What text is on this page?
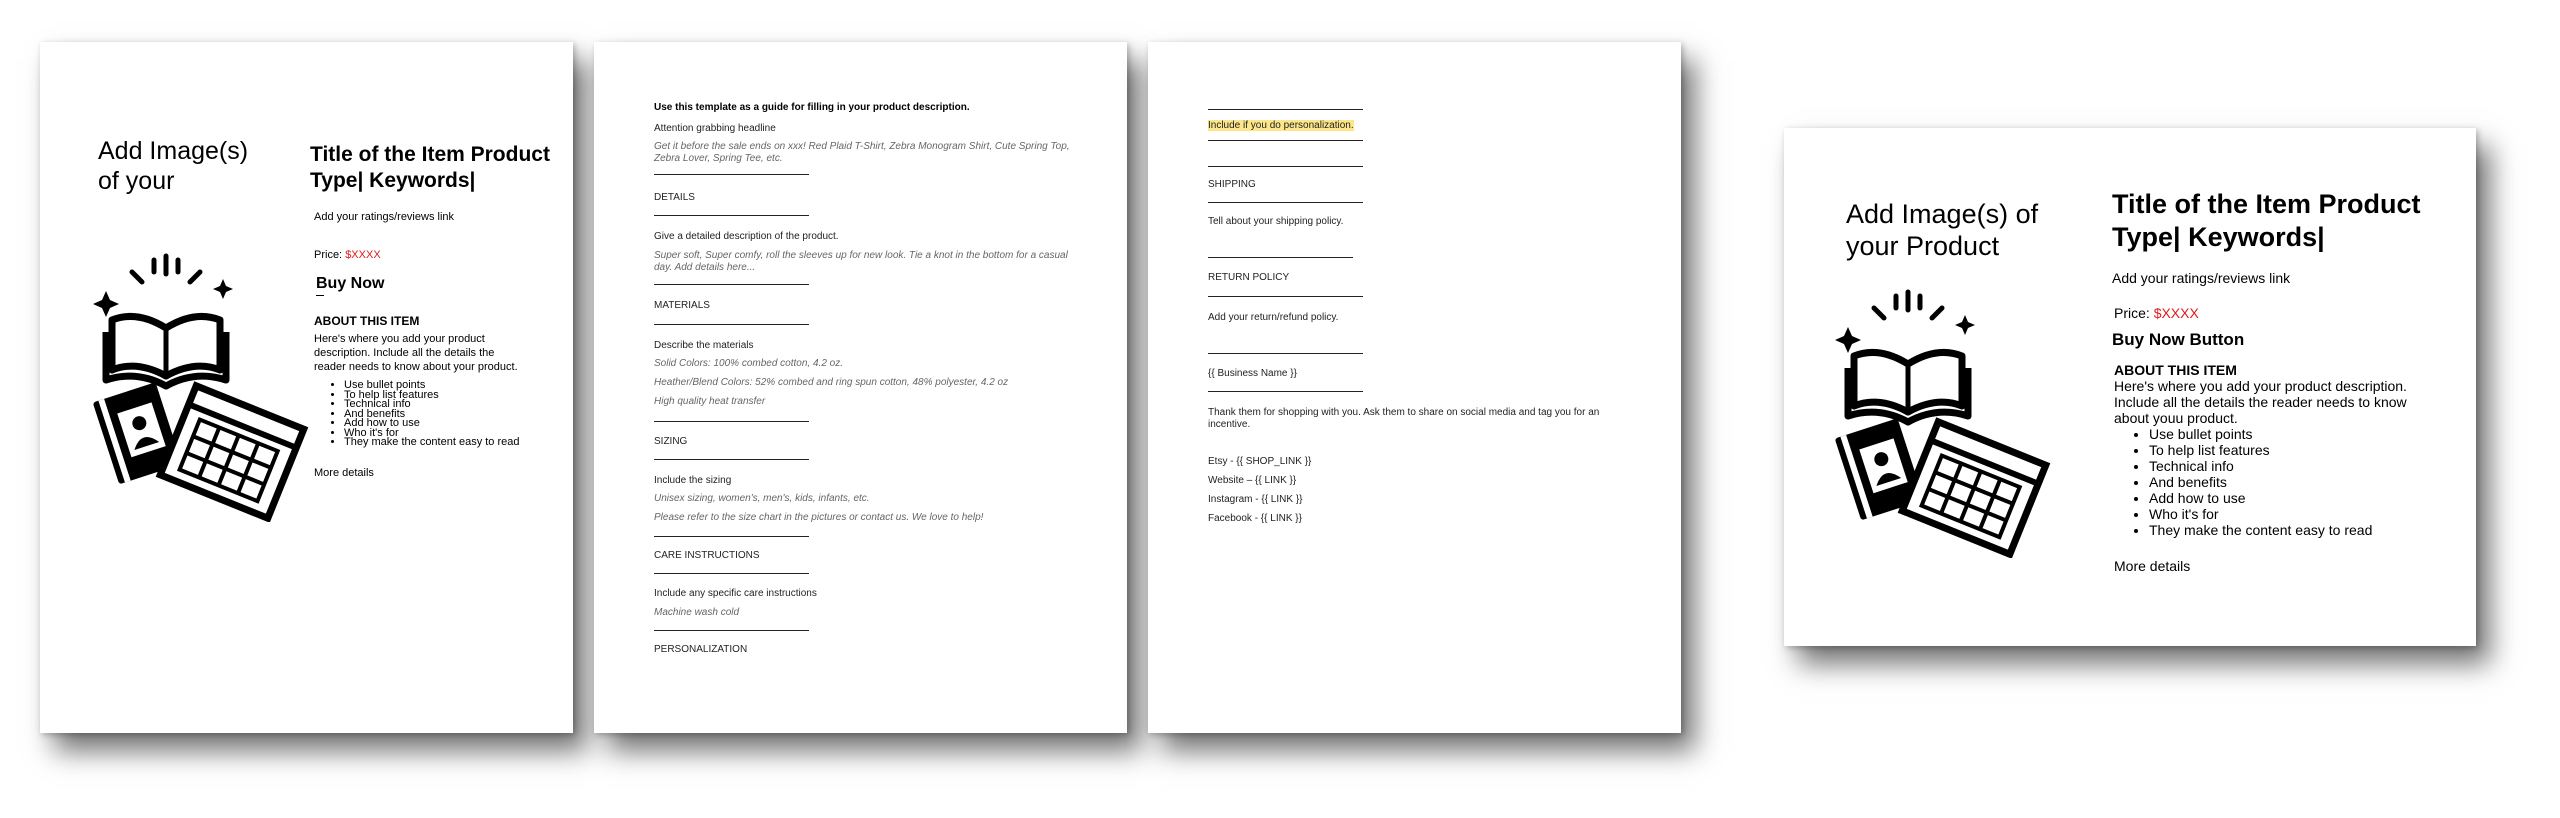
Add Image(s) of your
Title of the Item Product Type| Keywords|
Add your ratings/reviews link
Price: $XXXX
Buy Now
ABOUT THIS ITEM
Here's where you add your product description. Include all the details the reader needs to know about your product.
• Use bullet points
• To help list features
• Technical info
• And benefits
• Add how to use
• Who it's for
• They make the content easy to read
More details
Use this template as a guide for filling in your product description.
Attention grabbing headline
Get it before the sale ends on xxx! Red Plaid T-Shirt, Zebra Monogram Shirt, Cute Spring Top, Zebra Lover, Spring Tee, etc.
DETAILS
Give a detailed description of the product.
Super soft, Super comfy, roll the sleeves up for new look. Tie a knot in the bottom for a casual day. Add details here...
MATERIALS
Describe the materials
Solid Colors: 100% combed cotton, 4.2 oz.
Heather/Blend Colors: 52% combed and ring spun cotton, 48% polyester, 4.2 oz
High quality heat transfer
SIZING
Include the sizing
Unisex sizing, women's, men's, kids, infants, etc.
Please refer to the size chart in the pictures or contact us. We love to help!
CARE INSTRUCTIONS
Include any specific care instructions
Machine wash cold
PERSONALIZATION
Include if you do personalization.
SHIPPING
Tell about your shipping policy.
RETURN POLICY
Add your return/refund policy.
{{ Business Name }}
Thank them for shopping with you. Ask them to share on social media and tag you for an incentive.
Etsy - {{ SHOP_LINK }}
Website – {{ LINK }}
Instagram - {{ LINK }}
Facebook - {{ LINK }}
Add Image(s) of your Product
Title of the Item Product Type| Keywords|
Add your ratings/reviews link
Price: $XXXX
Buy Now Button
ABOUT THIS ITEM
Here's where you add your product description. Include all the details the reader needs to know about youu product.
• Use bullet points
• To help list features
• Technical info
• And benefits
• Add how to use
• Who it's for
• They make the content easy to read
More details
